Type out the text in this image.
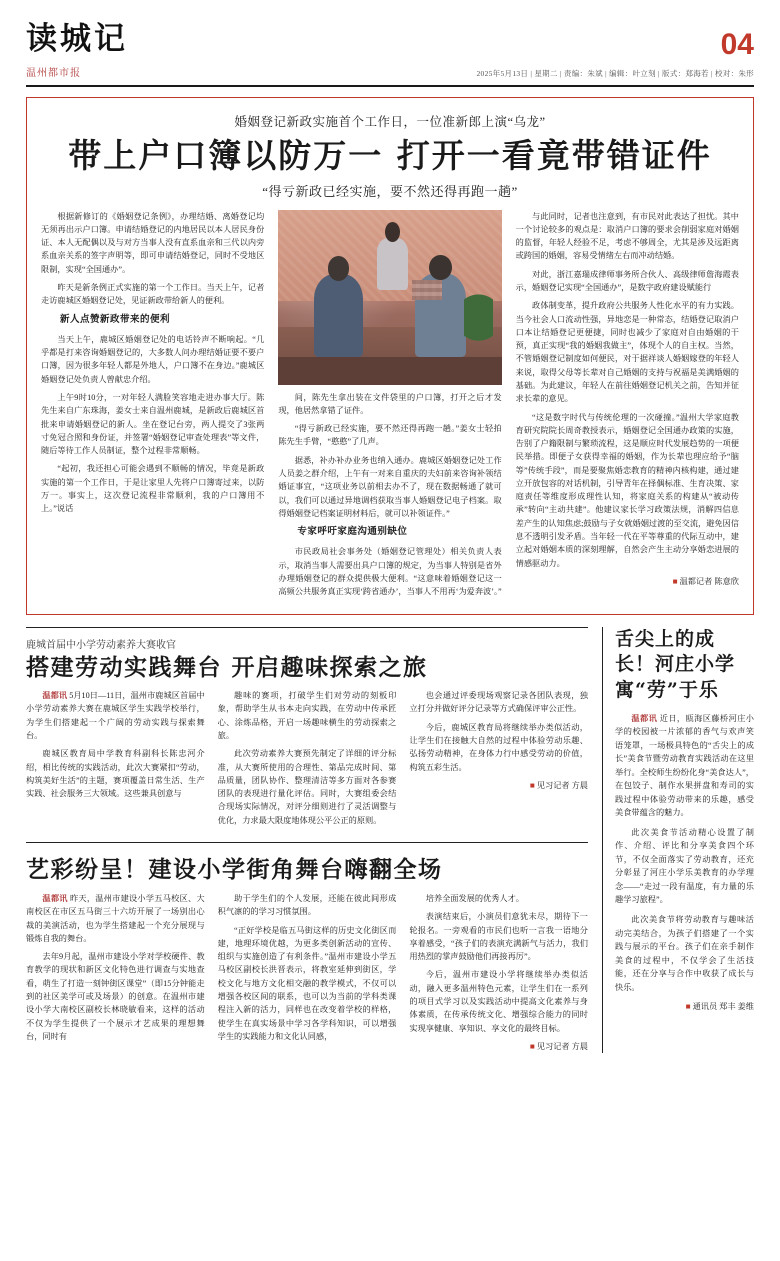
读城记
温州都市报
04
2025年5月13日 | 星期二 | 责编：朱斌 | 编辑：叶立刻 | 版式：郑海若 | 校对：朱形
婚姻登记新政实施首个工作日，一位准新郎上演“乌龙”
带上户口簿以防万一 打开一看竟带错证件
“得亏新政已经实施，要不然还得再跑一趟”

根据新修订的《婚姻登记条例》，办理结婚、离婚登记均无须再出示户口簿。申请结婚登记的内地居民以本人居民身份证、本人无配偶以及与对方当事人没有直系血亲和三代以内旁系血亲关系的签字声明等，即可申请结婚登记，同时不受地区限制，实现“全国通办”。

昨天是新条例正式实施的第一个工作日。当天上午，记者走访鹿城区婚姻登记处，见证新政带给新人的便利。

新人点赞新政带来的便利

当天上午，鹿城区婚姻登记处的电话铃声不断响起。“几乎都是打来咨询婚姻登记的，大多数人问办理结婚证要不要户口簿，因为很多年轻人都是外地人，户口簿不在身边。”鹿城区婚姻登记处负责人曾献忠介绍。

上午9时10分，一对年轻人满脸笑容地走进办事大厅。陈先生来自广东珠海，姜女士来自温州鹿城，是新政后鹿城区首批来申请婚姻登记的新人。坐在登记台旁，两人提交了3张两寸免冠合照和身份证，并签署“婚姻登记审查处理表”等文件，随后等待工作人员制证，整个过程非常顺畅。

“起初，我还担心可能会遇到不顺畅的情况，毕竟是新政实施的第一个工作日，于是让家里人先将户口簿寄过来，以防万一。事实上，这次登记流程非常顺利，我的户口簿用不上。”说话

间，陈先生拿出装在文件袋里的户口簿，打开之后才发现，他居然拿错了证件。

“得亏新政已经实施，要不然还得再跑一趟。”姜女士轻拍陈先生手臂，“憨憨”了几声。

据悉，补办补办业务也纳入通办。鹿城区婚姻登记处工作人员姜之群介绍，上午有一对来自重庆的夫妇前来咨询补领结婚证事宜，“这项业务以前相去办不了，现在数据畅通了就可以，我们可以通过异地调档获取当事人婚姻登记电子档案。取得婚姻登记档案证明材料后，就可以补领证件。”

专家呼吁家庭沟通别缺位

市民政局社会事务处（婚姻登记管理处）相关负责人表示，取消当事人需要出具户口簿的规定，为当事人特别是省外办理婚姻登记的群众提供极大便利。“这意味着婚姻登记这一高频公共服务真正实现‘跨省通办’，当事人不用再‘为爱奔波’。”

与此同时，记者也注意到，有市民对此表达了担忧。其中一个讨论较多的观点是：取消户口簿的要求会削弱家庭对婚姻的监督，年轻人经验不足，考虑不够周全，尤其是涉及远距离或跨国的婚姻，容易受情绪左右而冲动结婚。

对此，浙江嘉瑞成律师事务所合伙人、高级律师詹海霞表示，婚姻登记实现“全国通办”，是数字政府建设赋能行

政体制变革，提升政府公共服务人性化水平的有力实践。当今社会人口流动性强，异地恋是一种常态，结婚登记取消户口本让结婚登记更便捷，同时也减少了家庭对自由婚姻的干预，真正实现“我的婚姻我做主”，体现个人的自主权。当然，不管婚姻登记制度如何便民，对于据祥谈人婚姻嫁登的年轻人来说，取得父母等长辈对自己婚姻的支持与祝福是美满婚姻的基础。为此建议，年轻人在前往婚姻登记机关之前，告知并征求长辈的意见。

“这是数字时代与传统伦理的一次碰撞。”温州大学家庭教育研究院院长周奇教授表示，婚姻登记全国通办政策的实施，告别了户籍限制与繁琐流程，这是顺应时代发展趋势的一项便民举措。即便子女获得幸福的婚姻，作为长辈也理应给予“脑等”传统手段”，而是要聚焦婚恋教育的精神内核构建，通过建立开放包容的对话机制，引导青年在择偶标准、生育决策、家庭责任等维度形成理性认知，将家庭关系的构建从“被动传承”转向“主动共建”。他建议家长学习政策法规，消解四信息差产生的认知焦虑;鼓励与子女就婚姻过渡的至交流，避免因信息不透明引发矛盾。当年轻一代在平等尊重的代际互动中，建立起对婚姻本质的深刻理解，自然会产生主动分享婚恋进展的情感驱动力。

■ 温都记者 陈意欣
鹿城首届中小学劳动素养大赛收官
搭建劳动实践舞台 开启趣味探索之旅

温都讯 5月10日—11日，温州市鹿城区首届中小学劳动素养大赛在鹿城区学生实践学校举行，为学生们搭建起一个广阔的劳动实践与探索舞台。

鹿城区教育局中学教育科副科长陈忠河介绍，相比传统的实践活动，此次大赛紧扣“劳动，构筑美好生活”的主题，赛项覆盖日常生活、生产实践、社会服务三大领域。这些兼具创意与

趣味的赛项，打破学生们对劳动的刻板印象，帮助学生从书本走向实践，在劳动中传承匠心、涂炼品格，开启一场趣味横生的劳动探索之旅。

此次劳动素养大赛预先制定了详细的评分标准，从大赛所使用的合理性、第品完成时间、第品质量，团队协作、整理清洁等多方面对各参赛团队的表现进行量化评估。同时，大赛组委会结合现场实际情况，对评分细则进行了灵活调整与优化，力求最大限度地体现公平公正的原则。

也会通过评委现场观察记录各团队表现，独立打分并做好评分记录等方式确保评审公正性。

今后，鹿城区教育局将继续举办类似活动，让学生们在接触大自然的过程中体验劳动乐趣、弘扬劳动精神，在身体力行中感受劳动的价值，构筑五彩生活。

■ 见习记者 方晨
艺彩纷呈！建设小学街角舞台嗨翻全场

温都讯 昨天，温州市建设小学五马校区、大南校区在市区五马街三十六坊开展了一场别出心裁的美演活动，也为学生搭建起一个充分展现与锻炼自我的舞台。

去年9月起，温州市建设小学对学校硬件、教育教学的现状和新区文化特色进行调查与实地查看，萌生了打造一刻钟街区课堂”（即15分钟能走到的社区美学可或及场景）的创意。在温州市建设小学大南校区副校长林晓敏看来，这样的活动不仅为学生提供了一个展示才艺成果的理想舞台，同时有

助于学生们的个人发展，还能在彼此间形成积气凛的的学习习惯氛围。

“正好学校是临五马街这样的历史文化街区而建，地理环境优越，为更多类创新活动的宣传、组织与实施创造了有利条件。”温州市建设小学五马校区副校长洪晋表示，将教室延伸到街区，学校文化与地方文化相交融的教学模式，不仅可以增强各校区间的联系，也可以为当前的学科类课程注入新的活力，同样也在改变着学校的样格，使学生在真实场景中学习各学科知识，可以增强学生的实践能力和文化认同感，

培养全面发展的优秀人才。

表演结束后，小演员们意犹未尽，期待下一轮报名。一旁观看的市民们也听一言我一语地分享着感受，“孩子们的表演充满新气与活力，我们用热烈的掌声鼓励他们再接再厉”。

今后，温州市建设小学将继续举办类似活动，融入更多温州特色元素，让学生们在一系列的项目式学习以及实践活动中提高文化素养与身体素质，在传承传统文化、增强综合能力的同时实现享健康、享知识、享文化的最终目标。

■ 见习记者 方晨
舌尖上的成长！河庄小学寓“劳”于乐

温都讯 近日，瓯海区藤桥河庄小学的校园被一片浓郁的香气与欢声笑语笼罩，一场极具特色的“舌尖上的成长”美食节暨劳动教育实践活动在这里举行。全校师生纷纷化身“美食达人”，在包饺子、制作水果拼盘和寿司的实践过程中体验劳动带来的乐趣，感受美食带蕴含的魅力。

此次美食节活动精心设置了制作、介绍、评比和分享美食四个环节，不仅全面落实了劳动教育，还充分彰显了河庄小学乐美教育的办学理念——“走过一段有温度，有力量的乐趣学习旅程”。

此次美食节将劳动教育与趣味活动完美结合，为孩子们搭建了一个实践与展示的平台。孩子们在亲手制作美食的过程中，不仅学会了生活技能，还在分享与合作中收获了成长与快乐。

■ 通讯员 郑丰 姜维
